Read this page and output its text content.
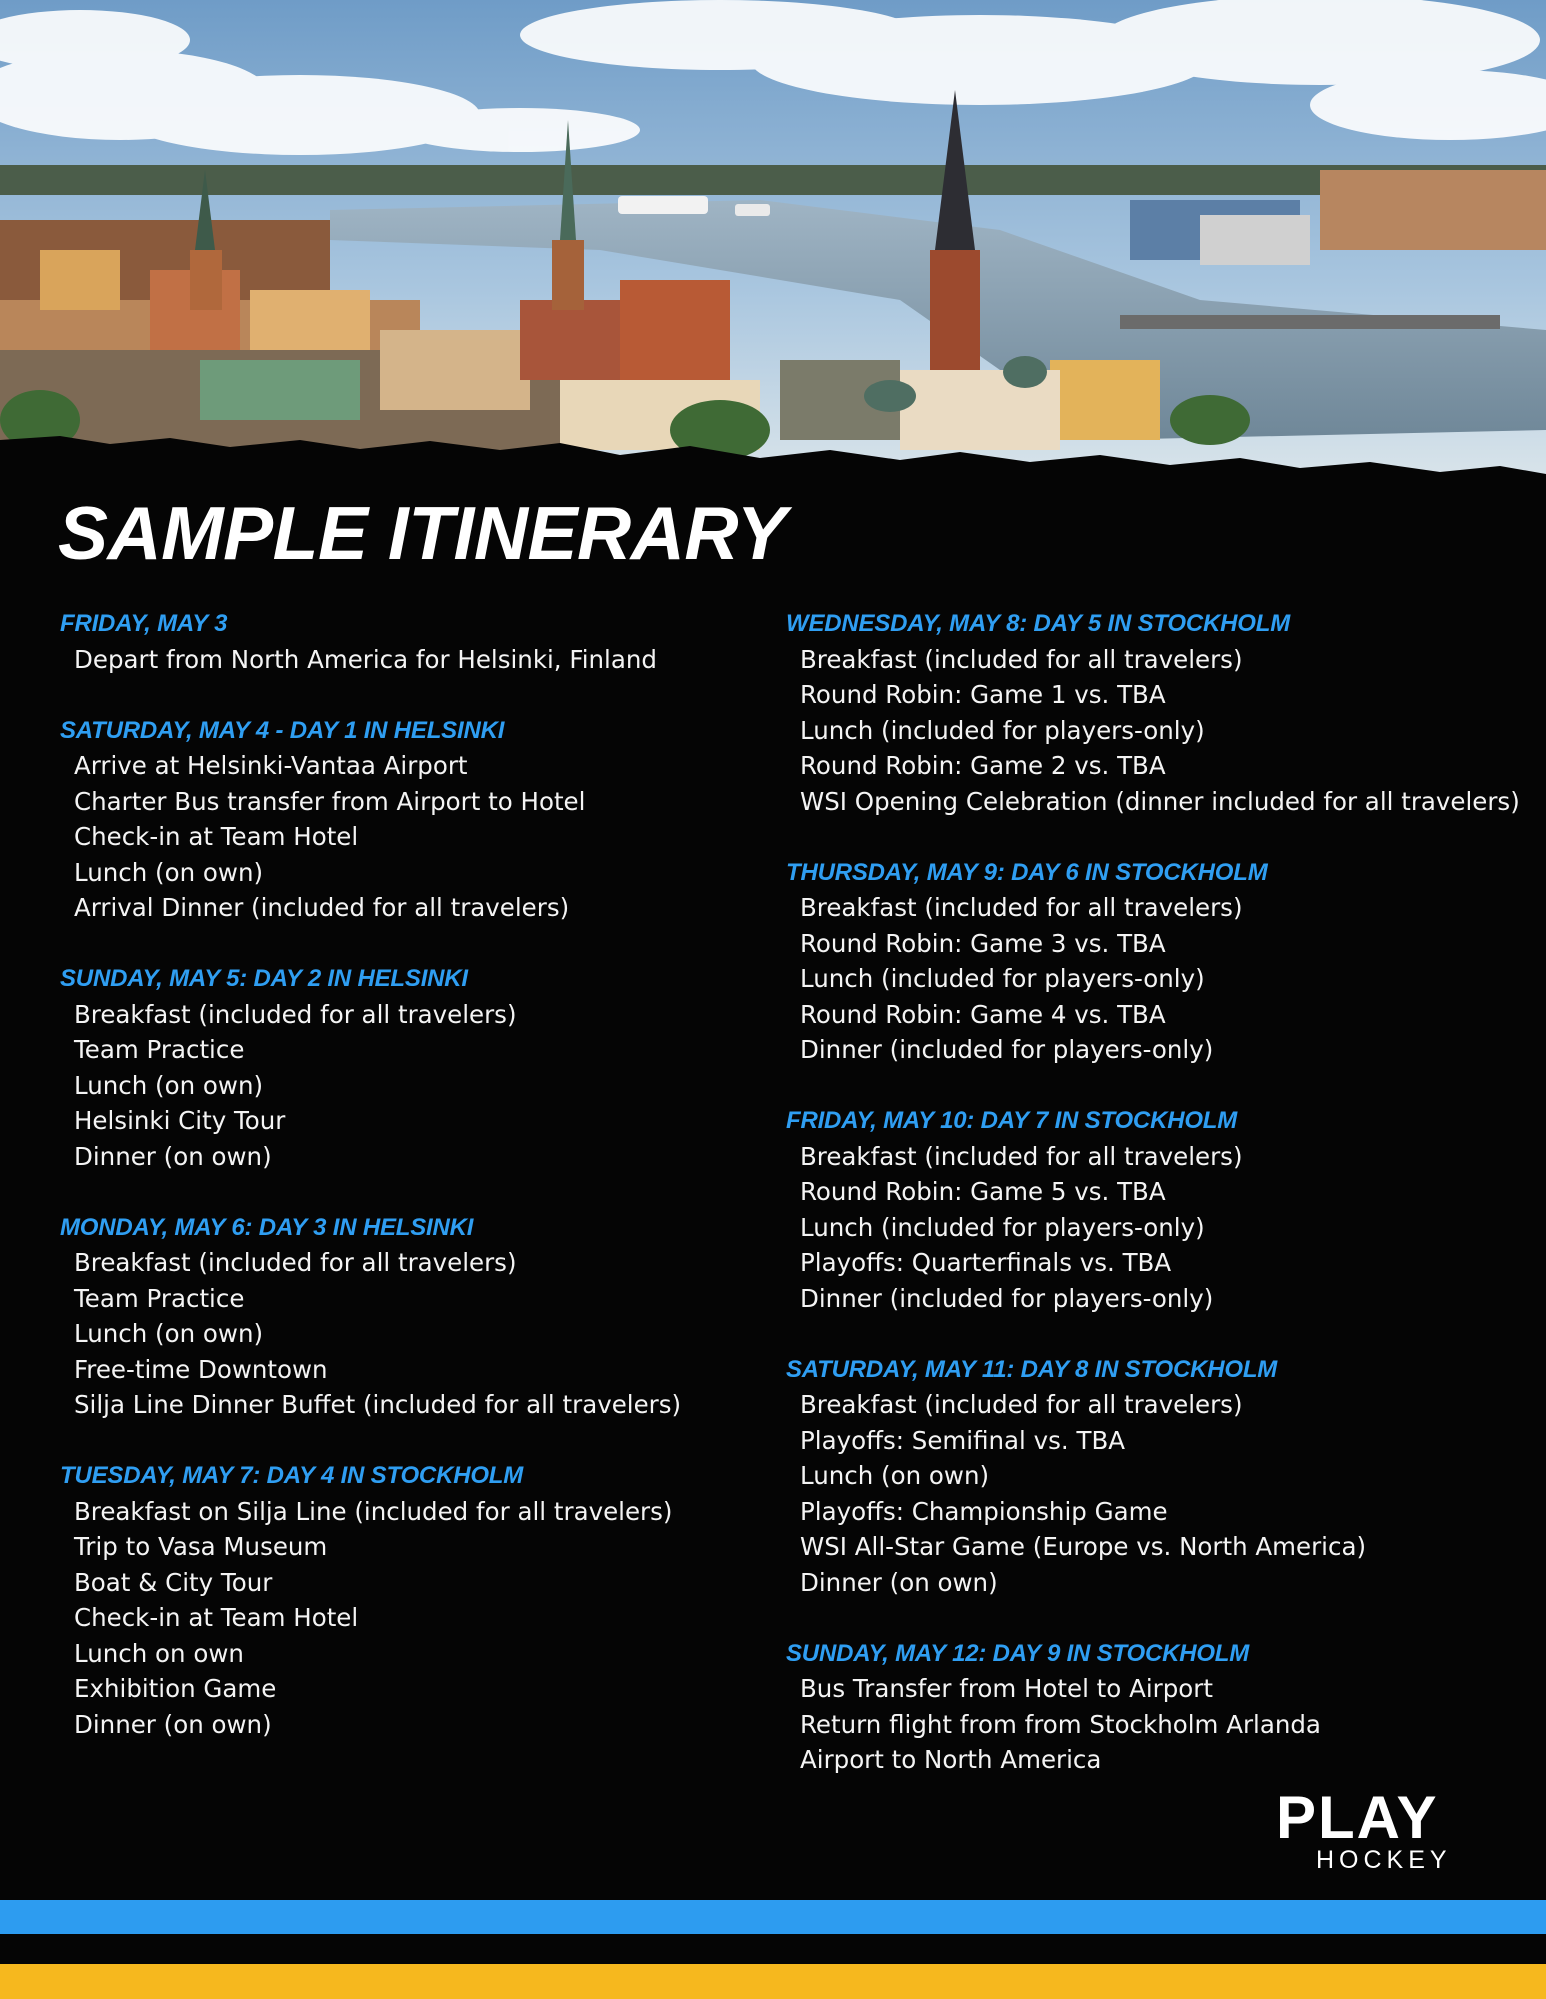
SAMPLE ITINERARY
FRIDAY, MAY 3
Depart from North America for Helsinki, Finland
SATURDAY, MAY 4 - DAY 1 IN HELSINKI
Arrive at Helsinki-Vantaa Airport
Charter Bus transfer from Airport to Hotel
Check-in at Team Hotel
Lunch (on own)
Arrival Dinner (included for all travelers)
SUNDAY, MAY 5: DAY 2 IN HELSINKI
Breakfast (included for all travelers)
Team Practice
Lunch (on own)
Helsinki City Tour
Dinner (on own)
MONDAY, MAY 6: DAY 3 IN HELSINKI
Breakfast (included for all travelers)
Team Practice
Lunch (on own)
Free-time Downtown
Silja Line Dinner Buffet (included for all travelers)
TUESDAY, MAY 7: DAY 4 IN STOCKHOLM
Breakfast on Silja Line (included for all travelers)
Trip to Vasa Museum
Boat & City Tour
Check-in at Team Hotel
Lunch on own
Exhibition Game
Dinner (on own)
WEDNESDAY, MAY 8: DAY 5 IN STOCKHOLM
Breakfast (included for all travelers)
Round Robin: Game 1 vs. TBA
Lunch (included for players-only)
Round Robin: Game 2 vs. TBA
WSI Opening Celebration (dinner included for all travelers)
THURSDAY, MAY 9: DAY 6 IN STOCKHOLM
Breakfast (included for all travelers)
Round Robin: Game 3 vs. TBA
Lunch (included for players-only)
Round Robin: Game 4 vs. TBA
Dinner (included for players-only)
FRIDAY, MAY 10: DAY 7 IN STOCKHOLM
Breakfast (included for all travelers)
Round Robin: Game 5 vs. TBA
Lunch (included for players-only)
Playoffs: Quarterfinals vs. TBA
Dinner (included for players-only)
SATURDAY, MAY 11: DAY 8 IN STOCKHOLM
Breakfast (included for all travelers)
Playoffs: Semifinal vs. TBA
Lunch (on own)
Playoffs: Championship Game
WSI All-Star Game (Europe vs. North America)
Dinner (on own)
SUNDAY, MAY 12: DAY 9 IN STOCKHOLM
Bus Transfer from Hotel to Airport
Return flight from from Stockholm Arlanda
Airport to North America
PLAY
HOCKEY
